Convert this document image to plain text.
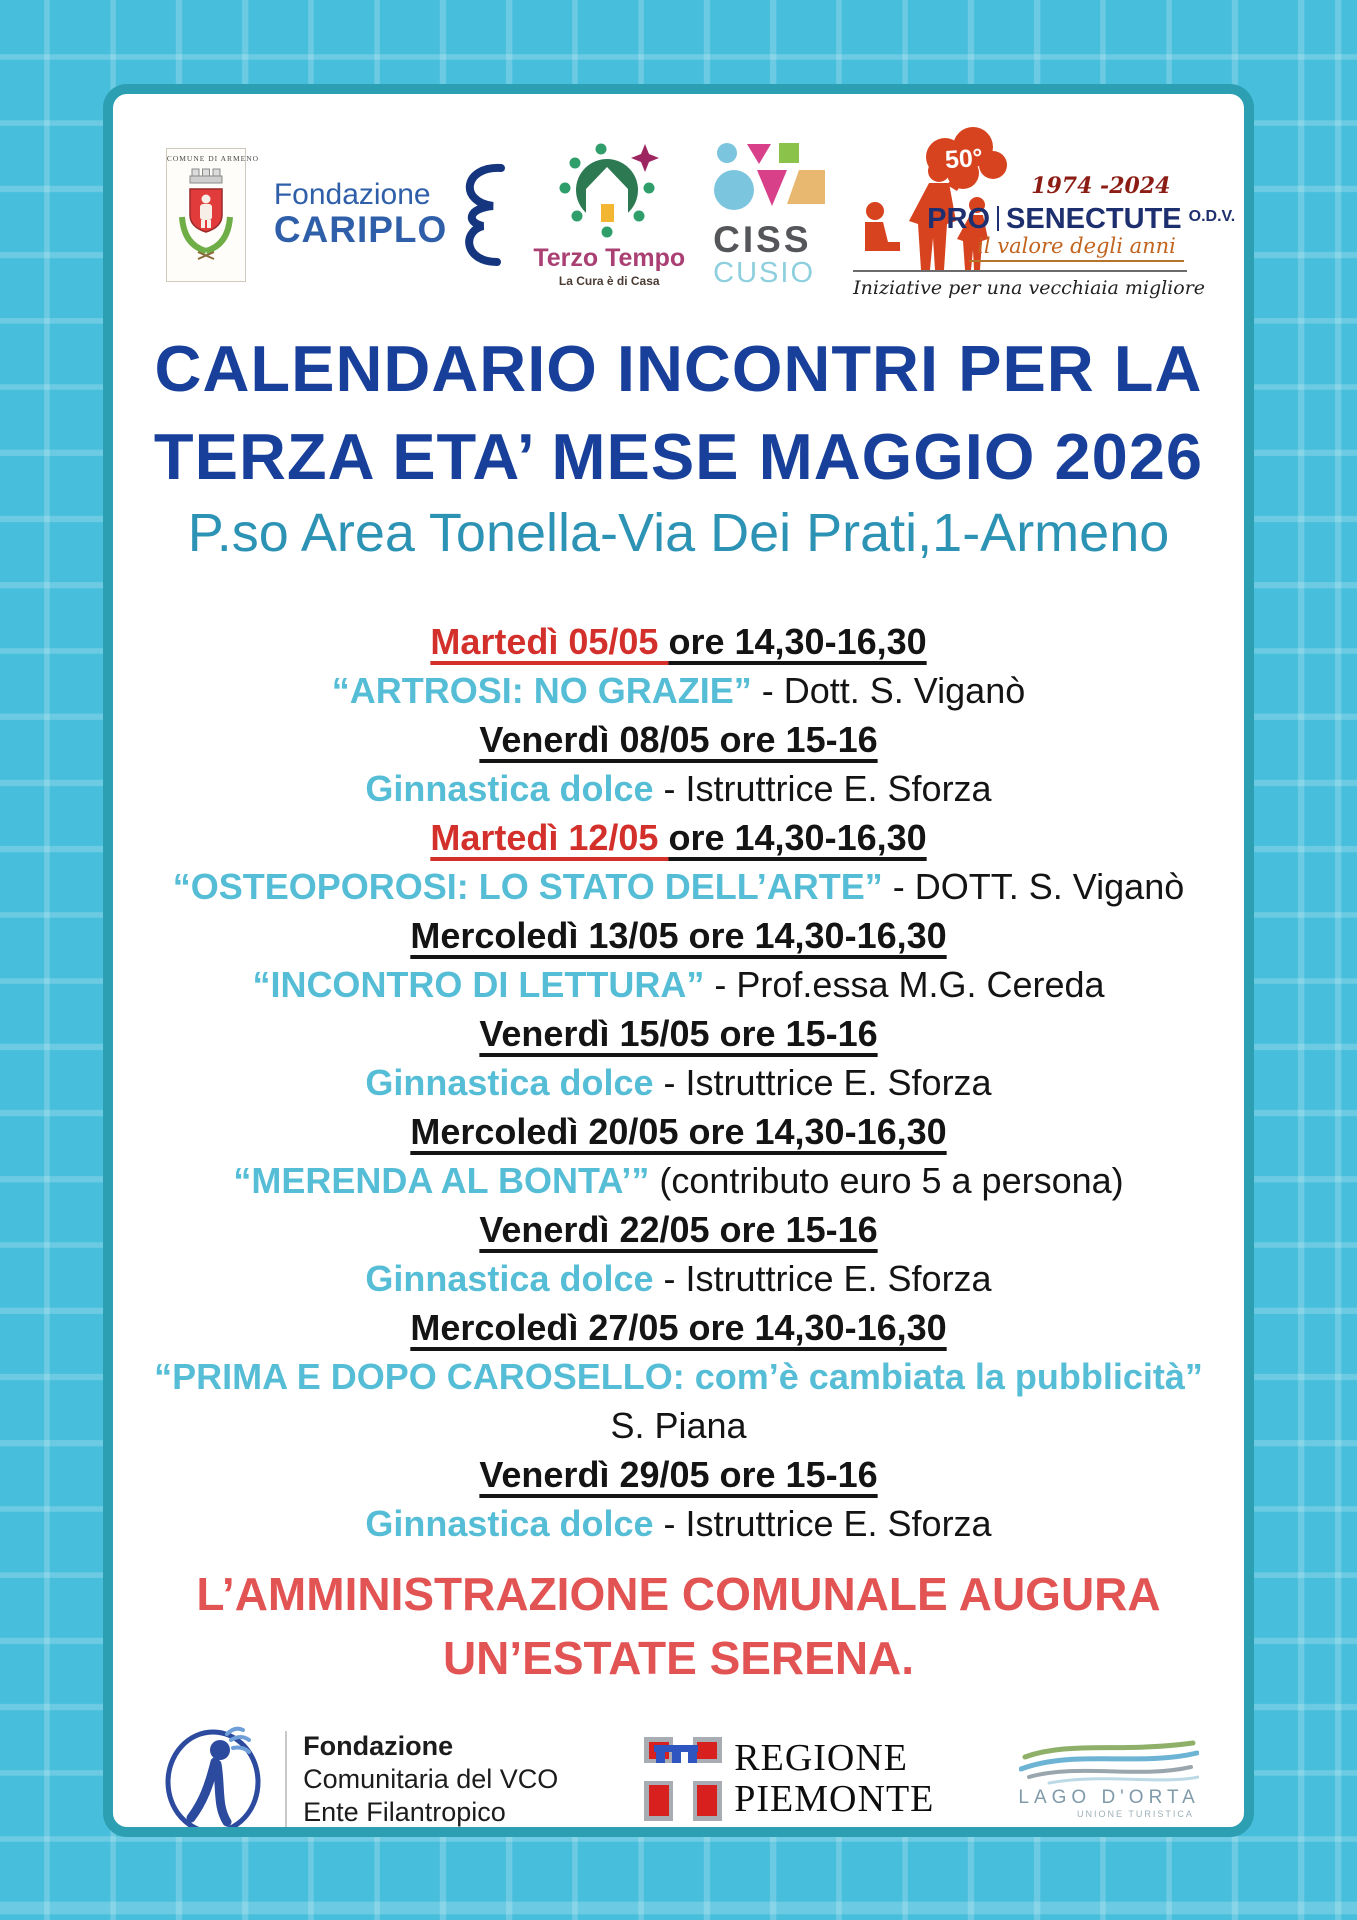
COMUNE DI ARMENO
Fondazione
CARIPLO
Terzo Tempo
La Cura è di Casa
CISS
CUSIO
50°
1974 -2024
PRO SENECTUTE $^{O.D.V.}$
il valore degli anni
Iniziative per una vecchiaia migliore
CALENDARIO INCONTRI PER LA
TERZA ETA’ MESE MAGGIO 2026
P.so Area Tonella-Via Dei Prati,1-Armeno
Martedì 05/05 ore 14,30-16,30
“ARTROSI: NO GRAZIE” - Dott. S. Viganò
Venerdì 08/05 ore 15-16
Ginnastica dolce - Istruttrice E. Sforza
Martedì 12/05 ore 14,30-16,30
“OSTEOPOROSI: LO STATO DELL’ARTE” - DOTT. S. Viganò
Mercoledì 13/05 ore 14,30-16,30
“INCONTRO DI LETTURA” - Prof.essa M.G. Cereda
Venerdì 15/05 ore 15-16
Ginnastica dolce - Istruttrice E. Sforza
Mercoledì 20/05 ore 14,30-16,30
“MERENDA AL BONTA’” (contributo euro 5 a persona)
Venerdì 22/05 ore 15-16
Ginnastica dolce - Istruttrice E. Sforza
Mercoledì 27/05 ore 14,30-16,30
“PRIMA E DOPO CAROSELLO: com’è cambiata la pubblicità”
S. Piana
Venerdì 29/05 ore 15-16
Ginnastica dolce - Istruttrice E. Sforza
L’AMMINISTRAZIONE COMUNALE AUGURA
UN’ESTATE SERENA.
Fondazione
Comunitaria del VCO
Ente Filantropico
REGIONE
PIEMONTE	LAGO D'ORTA
UNIONE TURISTICA
